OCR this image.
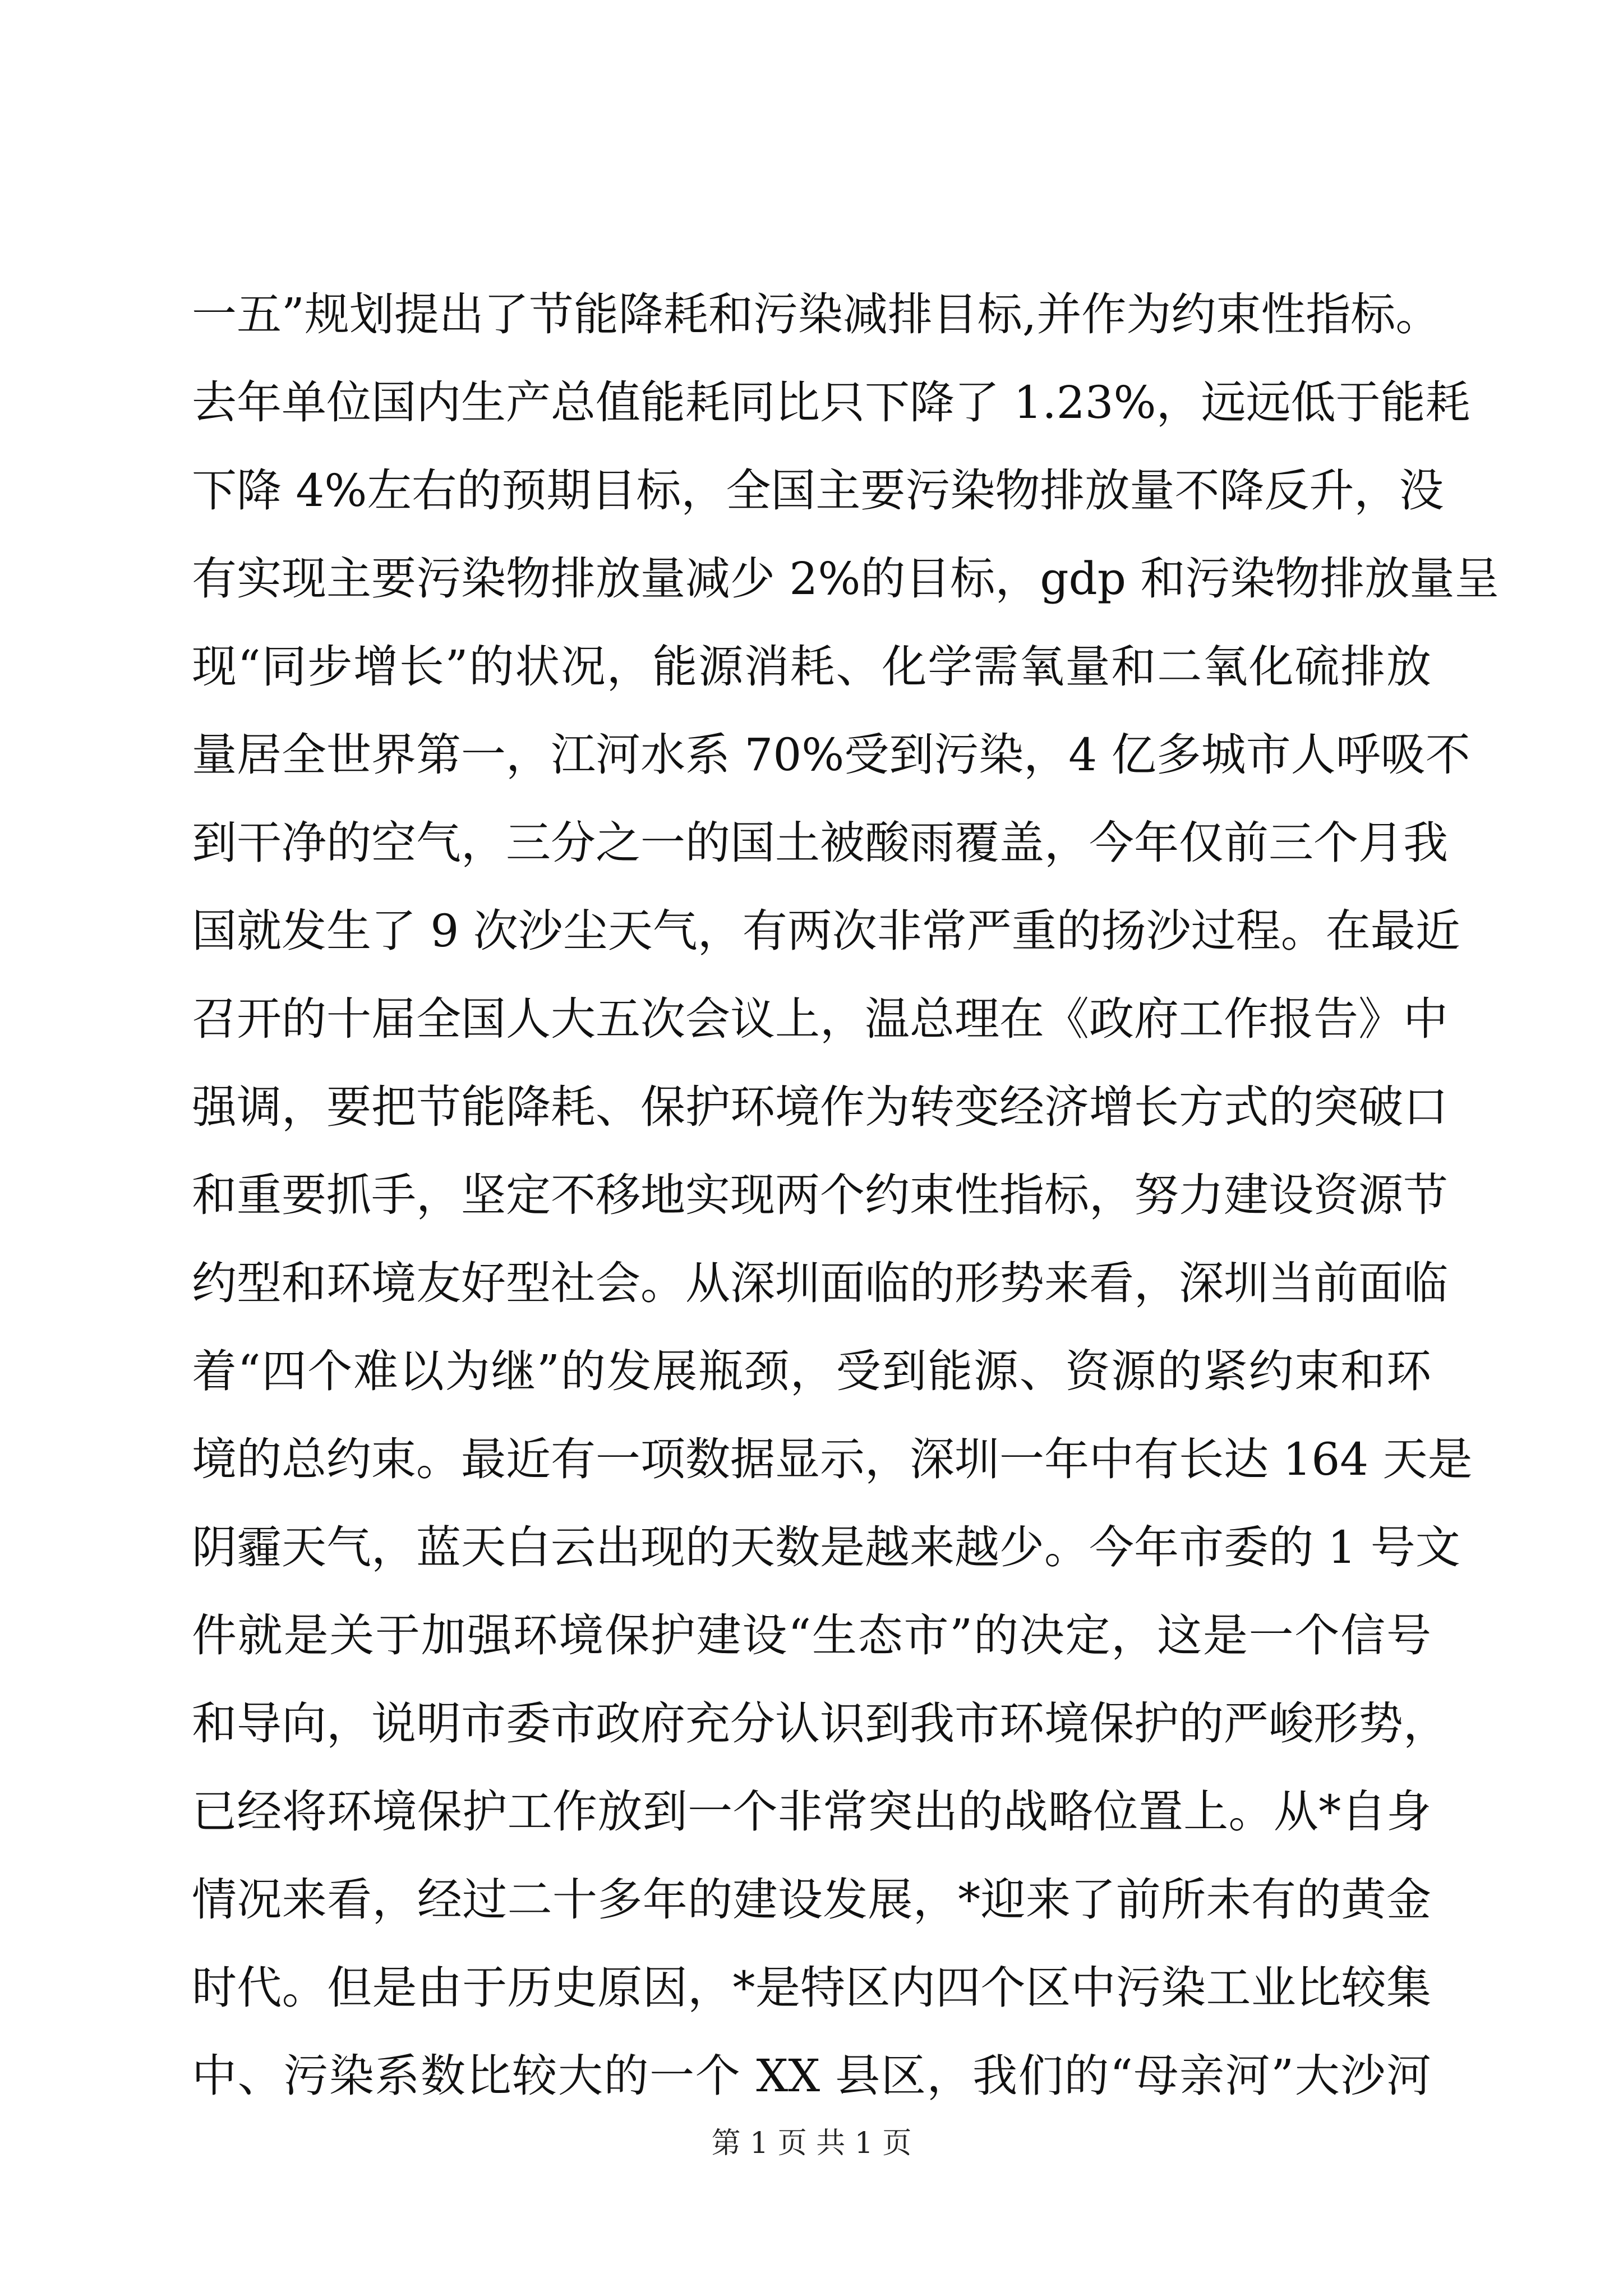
一五”规划提出了节能降耗和污染减排目标,并作为约束性指标。
去年单位国内生产总值能耗同比只下降了 1.23%，远远低于能耗
下降 4%左右的预期目标，全国主要污染物排放量不降反升，没
有实现主要污染物排放量减少 2%的目标，gdp 和污染物排放量呈
现“同步增长”的状况，能源消耗、化学需氧量和二氧化硫排放
量居全世界第一，江河水系 70%受到污染，4 亿多城市人呼吸不
到干净的空气，三分之一的国土被酸雨覆盖，今年仅前三个月我
国就发生了 9 次沙尘天气，有两次非常严重的扬沙过程。在最近
召开的十届全国人大五次会议上，温总理在《政府工作报告》中
强调，要把节能降耗、保护环境作为转变经济增长方式的突破口
和重要抓手，坚定不移地实现两个约束性指标，努力建设资源节
约型和环境友好型社会。从深圳面临的形势来看，深圳当前面临
着“四个难以为继”的发展瓶颈，受到能源、资源的紧约束和环
境的总约束。最近有一项数据显示，深圳一年中有长达 164 天是
阴霾天气，蓝天白云出现的天数是越来越少。今年市委的 1 号文
件就是关于加强环境保护建设“生态市”的决定，这是一个信号
和导向，说明市委市政府充分认识到我市环境保护的严峻形势，
已经将环境保护工作放到一个非常突出的战略位置上。从*自身
情况来看，经过二十多年的建设发展，*迎来了前所未有的黄金
时代。但是由于历史原因，*是特区内四个区中污染工业比较集
中、污染系数比较大的一个 XX 县区，我们的“母亲河”大沙河
第 1 页 共 1 页
